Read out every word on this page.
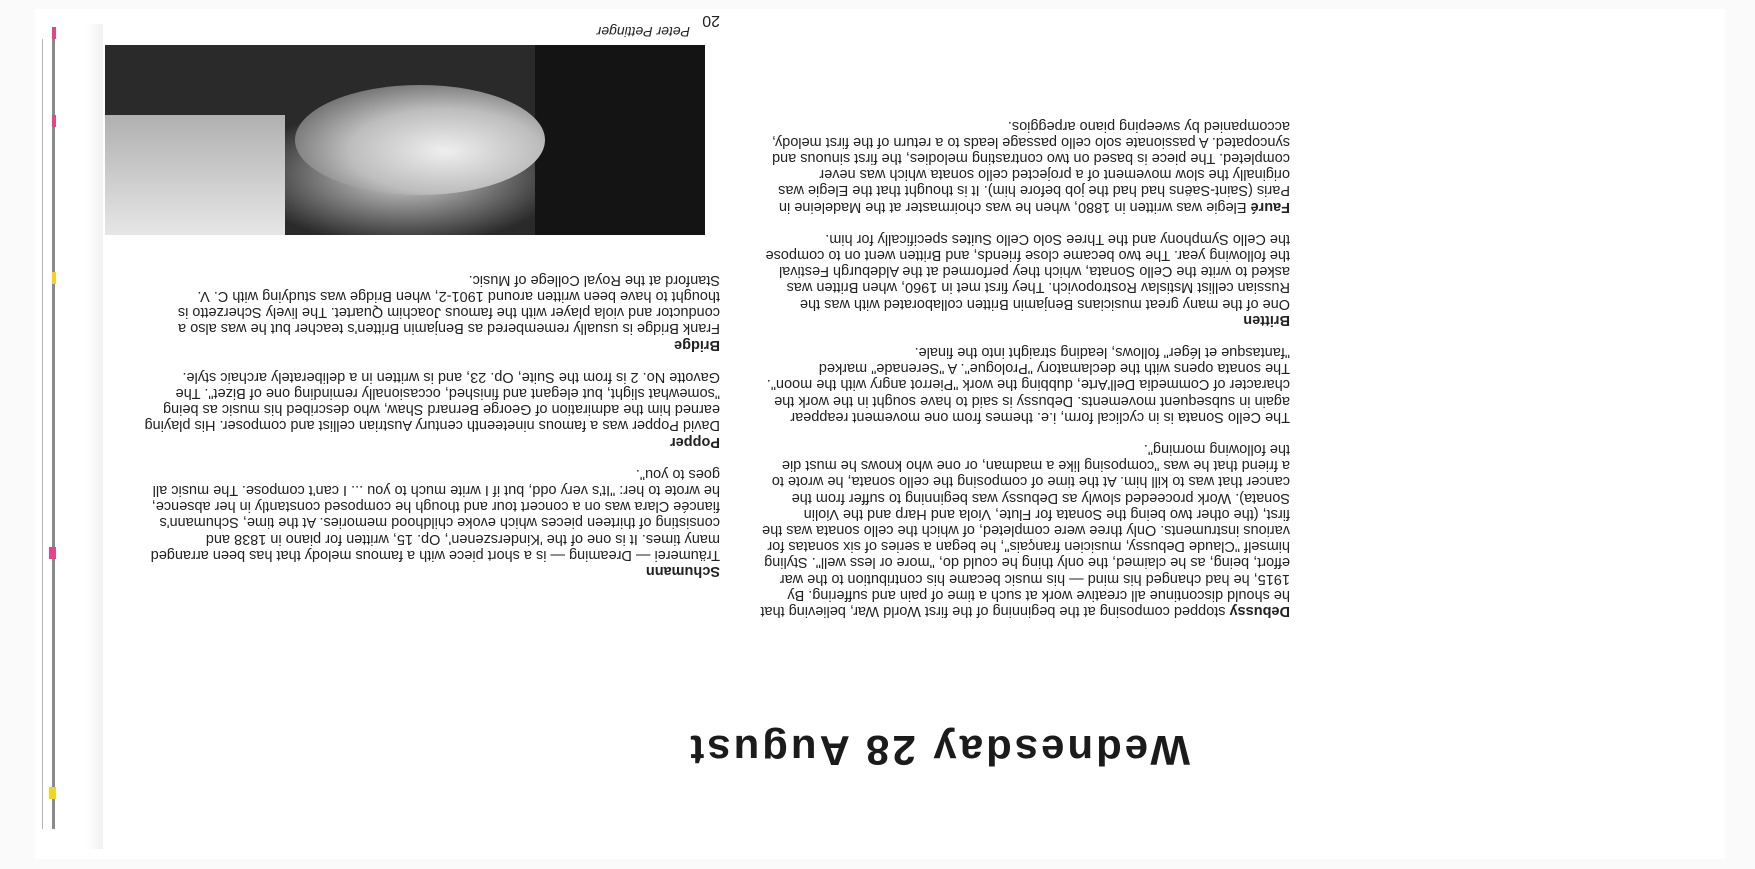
Wednesday 28 August

Debussy stopped composing at the beginning of the first World War, believing that he should discontinue all creative work at such a time of pain and suffering. By 1915, he had changed his mind — his music became his contribution to the war effort, being, as he claimed, the only thing he could do, "more or less well". Styling himself "Claude Debussy, musicien français", he began a series of six sonatas for various instruments. Only three were completed, of which the cello sonata was the first, (the other two being the Sonata for Flute, Viola and Harp and the Violin Sonata). Work proceeded slowly as Debussy was beginning to suffer from the cancer that was to kill him. At the time of composing the cello sonata, he wrote to a friend that he was "composing like a madman, or one who knows he must die the following morning".

The Cello Sonata is in cyclical form, i.e. themes from one movement reappear again in subsequent movements. Debussy is said to have sought in the work the character of Commedia Dell'Arte, dubbing the work "Pierrot angry with the moon". The sonata opens with the declamatory "Prologue". A "Serenade" marked "fantasque et léger" follows, leading straight into the finale.

Britten
One of the many great musicians Benjamin Britten collaborated with was the Russian cellist Mstislav Rostropovich. They first met in 1960, when Britten was asked to write the Cello Sonata, which they performed at the Aldeburgh Festival the following year. The two became close friends, and Britten went on to compose the Cello Symphony and the Three Solo Cello Suites specifically for him.

Fauré Elegie was written in 1880, when he was choirmaster at the Madeleine in Paris (Saint-Saëns had had the job before him). It is thought that the Elegie was originally the slow movement of a projected cello sonata which was never completed. The piece is based on two contrasting melodies, the first sinuous and syncopated. A passionate solo cello passage leads to a return of the first melody, accompanied by sweeping piano arpeggios.

Schumann
Träumerei — Dreaming — is a short piece with a famous melody that has been arranged many times. It is one of the 'Kinderszenen', Op. 15, written for piano in 1838 and consisting of thirteen pieces which evoke childhood memories. At the time, Schumann's fiancée Clara was on a concert tour and though he composed constantly in her absence, he wrote to her: "It's very odd, but if I write much to you ... I can't compose. The music all goes to you".

Popper
David Popper was a famous nineteenth century Austrian cellist and composer. His playing earned him the admiration of George Bernard Shaw, who described his music as being "somewhat slight, but elegant and finished, occasionally reminding one of Bizet". The Gavotte No. 2 is from the Suite, Op. 23, and is written in a deliberately archaic style.

Bridge
Frank Bridge is usually remembered as Benjamin Britten's teacher but he was also a conductor and viola player with the famous Joachim Quartet. The lively Scherzetto is thought to have been written around 1901-2, when Bridge was studying with C. V. Stanford at the Royal College of Music.

Peter Pettinger
20
